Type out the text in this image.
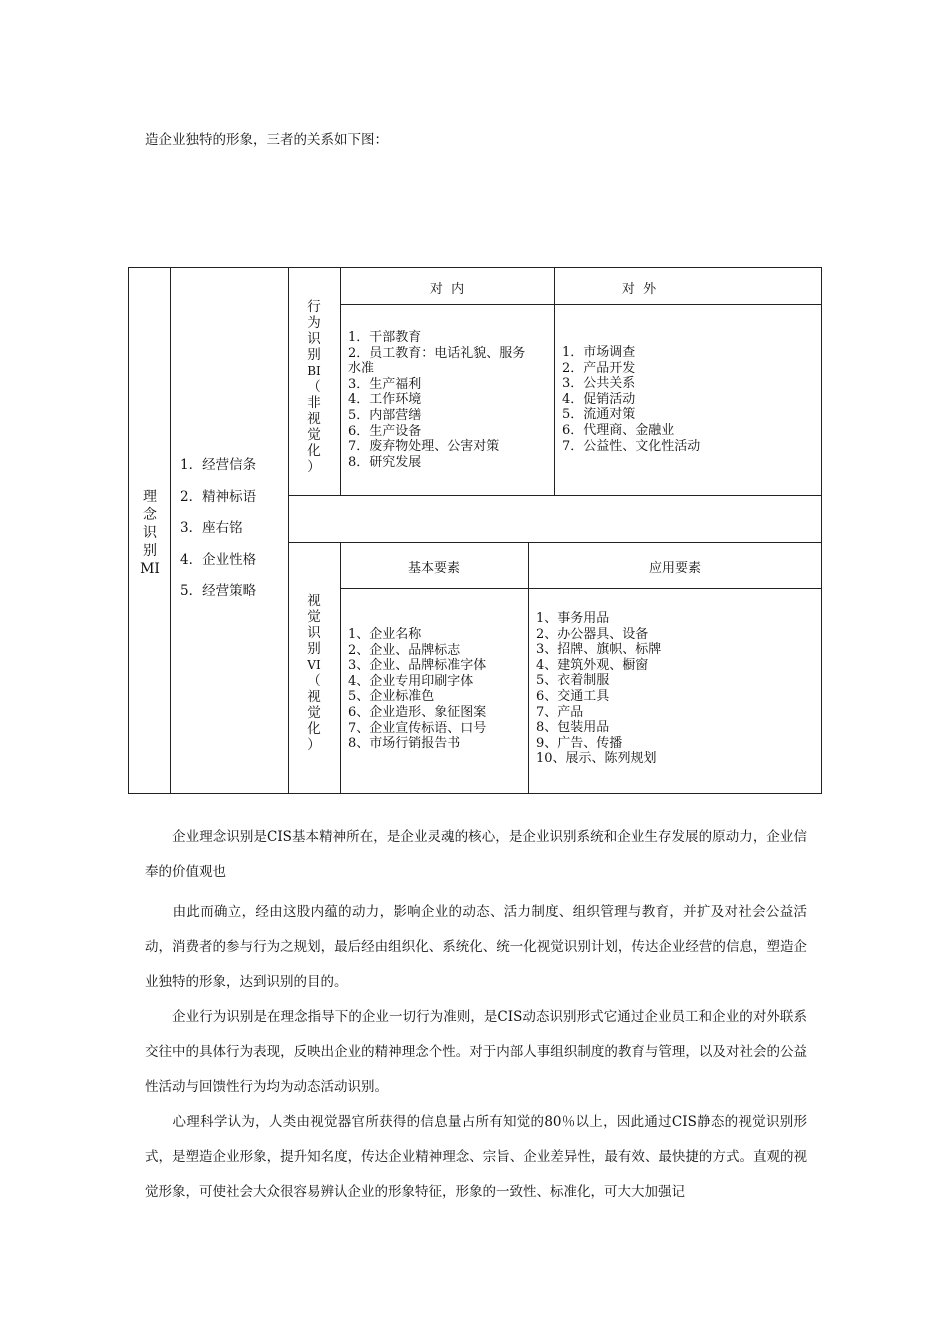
造企业独特的形象，三者的关系如下图：
理
念
识
别
MI
1．经营信条
2．精神标语
3．座右铭
4．企业性格
5．经营策略
行
为
识
别
BI
（
非
视
觉
化
）
对  内	对  外
1．干部教育
2．员工教育：电话礼貌、服务
水准
3．生产福利
4．工作环境
5．内部营缮
6．生产设备
7．废弃物处理、公害对策
8．研究发展
1．市场调查
2．产品开发
3．公共关系
4．促销活动
5．流通对策
6．代理商、金融业
7．公益性、文化性活动
视
觉
识
别
VI
（
视
觉
化
）
基本要素	应用要素
1、企业名称
2、企业、品牌标志
3、企业、品牌标准字体
4、企业专用印刷字体
5、企业标准色
6、企业造形、象征图案
7、企业宣传标语、口号
8、市场行销报告书
1、事务用品
2、办公器具、设备
3、招牌、旗帜、标牌
4、建筑外观、橱窗
5、衣着制服
6、交通工具
7、产品
8、包装用品
9、广告、传播
10、展示、陈列规划
　　企业理念识别是CIS基本精神所在，是企业灵魂的核心，是企业识别系统和企业生存发展的原动力，企业信奉的价值观也
　　由此而确立，经由这股内蕴的动力，影响企业的动态、活力制度、组织管理与教育，并扩及对社会公益活动，消费者的参与行为之规划，最后经由组织化、系统化、统一化视觉识别计划，传达企业经营的信息，塑造企业独特的形象，达到识别的目的。
　　企业行为识别是在理念指导下的企业一切行为准则，是CIS动态识别形式它通过企业员工和企业的对外联系交往中的具体行为表现，反映出企业的精神理念个性。对于内部人事组织制度的教育与管理，以及对社会的公益性活动与回馈性行为均为动态活动识别。
　　心理科学认为，人类由视觉器官所获得的信息量占所有知觉的80％以上，因此通过CIS静态的视觉识别形式，是塑造企业形象，提升知名度，传达企业精神理念、宗旨、企业差异性，最有效、最快捷的方式。直观的视觉形象，可使社会大众很容易辨认企业的形象特征，形象的一致性、标准化，可大大加强记
